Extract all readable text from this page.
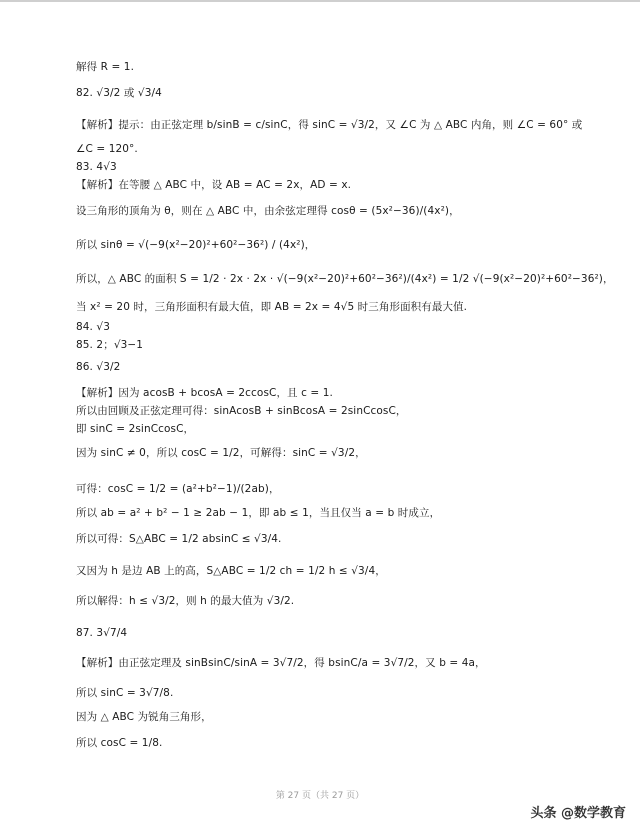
解得 R = 1.
82. √3/2 或 √3/4
【解析】提示：由正弦定理 b/sinB = c/sinC，得 sinC = √3/2，又 ∠C 为 △ ABC 内角，则 ∠C = 60° 或
∠C = 120°.
83. 4√3
【解析】在等腰 △ ABC 中，设 AB = AC = 2x，AD = x.
设三角形的顶角为 θ，则在 △ ABC 中，由余弦定理得 cosθ = (5x²−36)/(4x²)，
所以 sinθ = √(−9(x²−20)²+60²−36²) / (4x²)，
所以，△ ABC 的面积 S = 1/2 · 2x · 2x · √(−9(x²−20)²+60²−36²)/(4x²) = 1/2 √(−9(x²−20)²+60²−36²)，
当 x² = 20 时，三角形面积有最大值，即 AB = 2x = 4√5 时三角形面积有最大值.
84. √3
85. 2；√3−1
86. √3/2
【解析】因为 acosB + bcosA = 2ccosC，且 c = 1.
所以由回顾及正弦定理可得：sinAcosB + sinBcosA = 2sinCcosC，
即 sinC = 2sinCcosC，
因为 sinC ≠ 0，所以 cosC = 1/2，可解得：sinC = √3/2，
可得：cosC = 1/2 = (a²+b²−1)/(2ab)，
所以 ab = a² + b² − 1 ≥ 2ab − 1，即 ab ≤ 1，当且仅当 a = b 时成立，
所以可得：S△ABC = 1/2 absinC ≤ √3/4.
又因为 h 是边 AB 上的高，S△ABC = 1/2 ch = 1/2 h ≤ √3/4，
所以解得：h ≤ √3/2，则 h 的最大值为 √3/2.
87. 3√7/4
【解析】由正弦定理及 sinBsinC/sinA = 3√7/2，得 bsinC/a = 3√7/2，又 b = 4a，
所以 sinC = 3√7/8.
因为 △ ABC 为锐角三角形，
所以 cosC = 1/8.
第 27 页（共 27 页）
头条 @数学教育
